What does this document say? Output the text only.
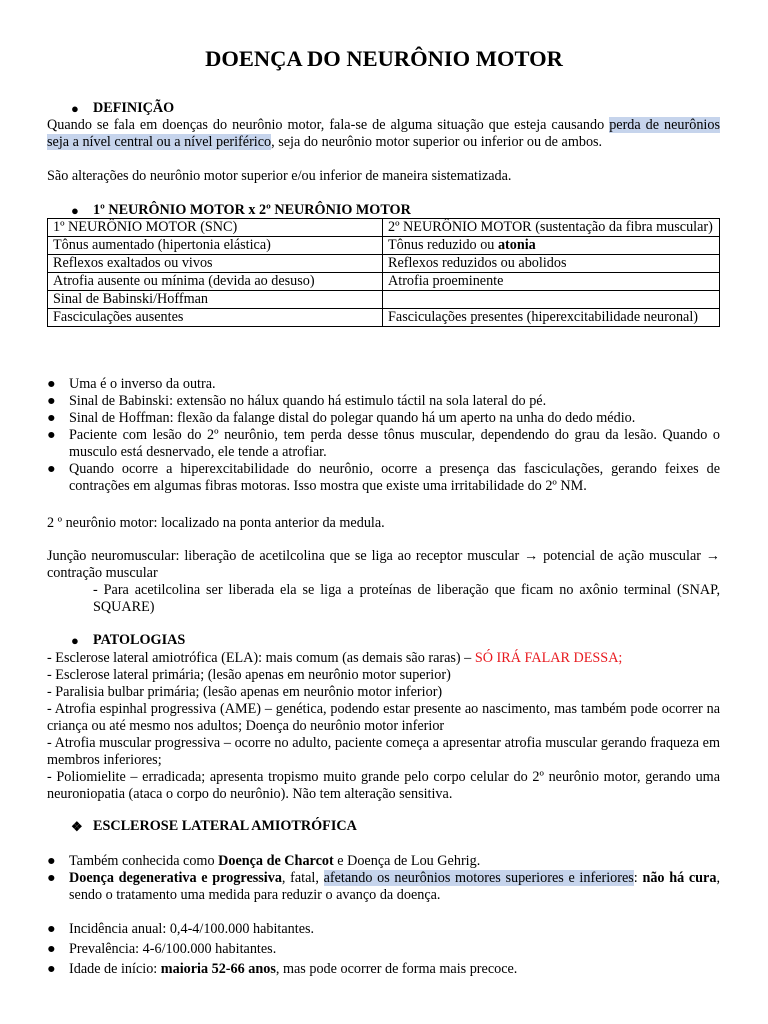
DOENÇA DO NEURÔNIO MOTOR
● DEFINIÇÃO
Quando se fala em doenças do neurônio motor, fala-se de alguma situação que esteja causando perda de neurônios seja a nível central ou a nível periférico, seja do neurônio motor superior ou inferior ou de ambos.
São alterações do neurônio motor superior e/ou inferior de maneira sistematizada.
● 1º NEURÔNIO MOTOR x 2º NEURÔNIO MOTOR
1º NEURÔNIO MOTOR (SNC)	2º NEURÔNIO MOTOR (sustentação da fibra muscular)
Tônus aumentado (hipertonia elástica)	Tônus reduzido ou atonia
Reflexos exaltados ou vivos	Reflexos reduzidos ou abolidos
Atrofia ausente ou mínima (devida ao desuso)	Atrofia proeminente
Sinal de Babinski/Hoffman	
Fasciculações ausentes	Fasciculações presentes (hiperexcitabilidade neuronal)

● Uma é o inverso da outra.

● Sinal de Babinski: extensão no hálux quando há estimulo táctil na sola lateral do pé.

● Sinal de Hoffman: flexão da falange distal do polegar quando há um aperto na unha do dedo médio.

● Paciente com lesão do 2º neurônio, tem perda desse tônus muscular, dependendo do grau da lesão. Quando o musculo está desnervado, ele tende a atrofiar.

● Quando ocorre a hiperexcitabilidade do neurônio, ocorre a presença das fasciculações, gerando feixes de contrações em algumas fibras motoras. Isso mostra que existe uma irritabilidade do 2º NM.

2 º neurônio motor: localizado na ponta anterior da medula.
Junção neuromuscular: liberação de acetilcolina que se liga ao receptor muscular → potencial de ação muscular → contração muscular
- Para acetilcolina ser liberada ela se liga a proteínas de liberação que ficam no axônio terminal (SNAP, SQUARE)
● PATOLOGIAS
- Esclerose lateral amiotrófica (ELA): mais comum (as demais são raras) – SÓ IRÁ FALAR DESSA;
- Esclerose lateral primária; (lesão apenas em neurônio motor superior)
- Paralisia bulbar primária; (lesão apenas em neurônio motor inferior)
- Atrofia espinhal progressiva (AME) – genética, podendo estar presente ao nascimento, mas também pode ocorrer na criança ou até mesmo nos adultos; Doença do neurônio motor inferior
- Atrofia muscular progressiva – ocorre no adulto, paciente começa a apresentar atrofia muscular gerando fraqueza em membros inferiores;
- Poliomielite – erradicada; apresenta tropismo muito grande pelo corpo celular do 2º neurônio motor, gerando uma neuroniopatia (ataca o corpo do neurônio). Não tem alteração sensitiva.
❖ ESCLEROSE LATERAL AMIOTRÓFICA

● Também conhecida como Doença de Charcot e Doença de Lou Gehrig.

● Doença degenerativa e progressiva, fatal, afetando os neurônios motores superiores e inferiores: não há cura, sendo o tratamento uma medida para reduzir o avanço da doença.

● Incidência anual: 0,4-4/100.000 habitantes.

● Prevalência: 4-6/100.000 habitantes.

● Idade de início: maioria 52-66 anos, mas pode ocorrer de forma mais precoce.
